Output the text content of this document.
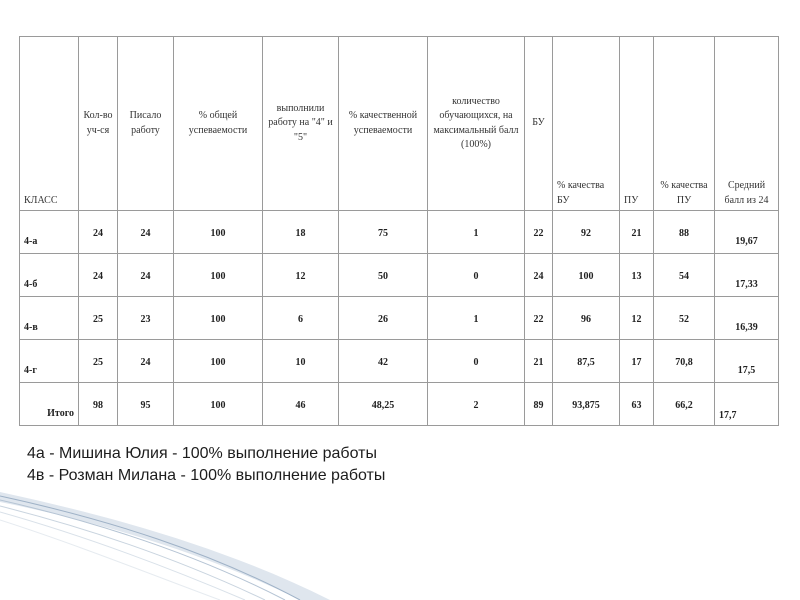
КЛАСС	Кол-во уч-ся	Писало работу	% общей успеваемости	выполнили работу на "4" и "5"	% качественной успеваемости	количество обучающихся, на максимальный балл (100%)	БУ	% качества БУ	ПУ	% качества ПУ	Средний балл из 24
4-а	24	24	100	18	75	1	22	92	21	88	19,67
4-б	24	24	100	12	50	0	24	100	13	54	17,33
4-в	25	23	100	6	26	1	22	96	12	52	16,39
4-г	25	24	100	10	42	0	21	87,5	17	70,8	17,5
Итого	98	95	100	46	48,25	2	89	93,875	63	66,2	17,7
4а - Мишина Юлия - 100% выполнение работы
4в - Розман Милана - 100% выполнение работы
